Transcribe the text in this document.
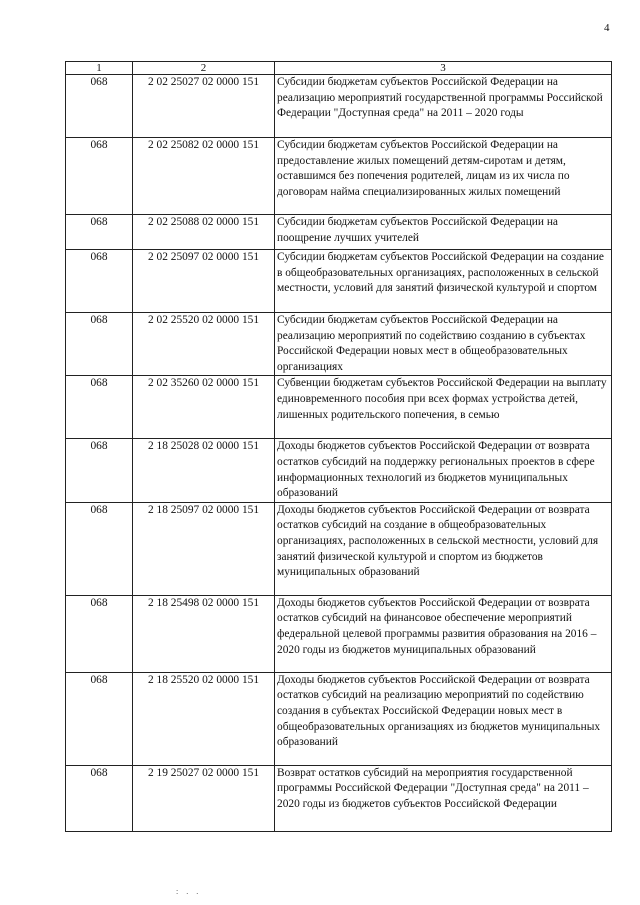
4
1	2	3
068	2 02 25027 02 0000 151	Субсидии бюджетам субъектов Российской Федерации на реализацию мероприятий государственной программы Российской Федерации "Доступная среда" на 2011 – 2020 годы
068	2 02 25082 02 0000 151	Субсидии бюджетам субъектов Российской Федерации на предоставление жилых помещений детям-сиротам и детям, оставшимся без попечения родителей, лицам из их числа по договорам найма специализированных жилых помещений
068	2 02 25088 02 0000 151	Субсидии бюджетам субъектов Российской Федерации на поощрение лучших учителей
068	2 02 25097 02 0000 151	Субсидии бюджетам субъектов Российской Федерации на создание в общеобразовательных организациях, расположенных в сельской местности, условий для занятий физической культурой и спортом
068	2 02 25520 02 0000 151	Субсидии бюджетам субъектов Российской Федерации на реализацию мероприятий по содействию созданию в субъектах Российской Федерации новых мест в общеобразовательных организациях
068	2 02 35260 02 0000 151	Субвенции бюджетам субъектов Российской Федерации на выплату единовременного пособия при всех формах устройства детей, лишенных родительского попечения, в семью
068	2 18 25028 02 0000 151	Доходы бюджетов субъектов Российской Федерации от возврата остатков субсидий на поддержку региональных проектов в сфере информационных технологий из бюджетов муниципальных образований
068	2 18 25097 02 0000 151	Доходы бюджетов субъектов Российской Федерации от возврата остатков субсидий на создание в общеобразовательных организациях, расположенных в сельской местности, условий для занятий физической культурой и спортом из бюджетов муниципальных образований
068	2 18 25498 02 0000 151	Доходы бюджетов субъектов Российской Федерации от возврата остатков субсидий на финансовое обеспечение мероприятий федеральной целевой программы развития образования на 2016 – 2020 годы из бюджетов муниципальных образований
068	2 18 25520 02 0000 151	Доходы бюджетов субъектов Российской Федерации от возврата остатков субсидий на реализацию мероприятий по содействию создания в субъектах Российской Федерации новых мест в общеобразовательных организациях из бюджетов муниципальных образований
068	2 19 25027 02 0000 151	Возврат остатков субсидий на мероприятия государственной программы Российской Федерации "Доступная среда" на 2011 – 2020 годы из бюджетов субъектов Российской Федерации
: . .
